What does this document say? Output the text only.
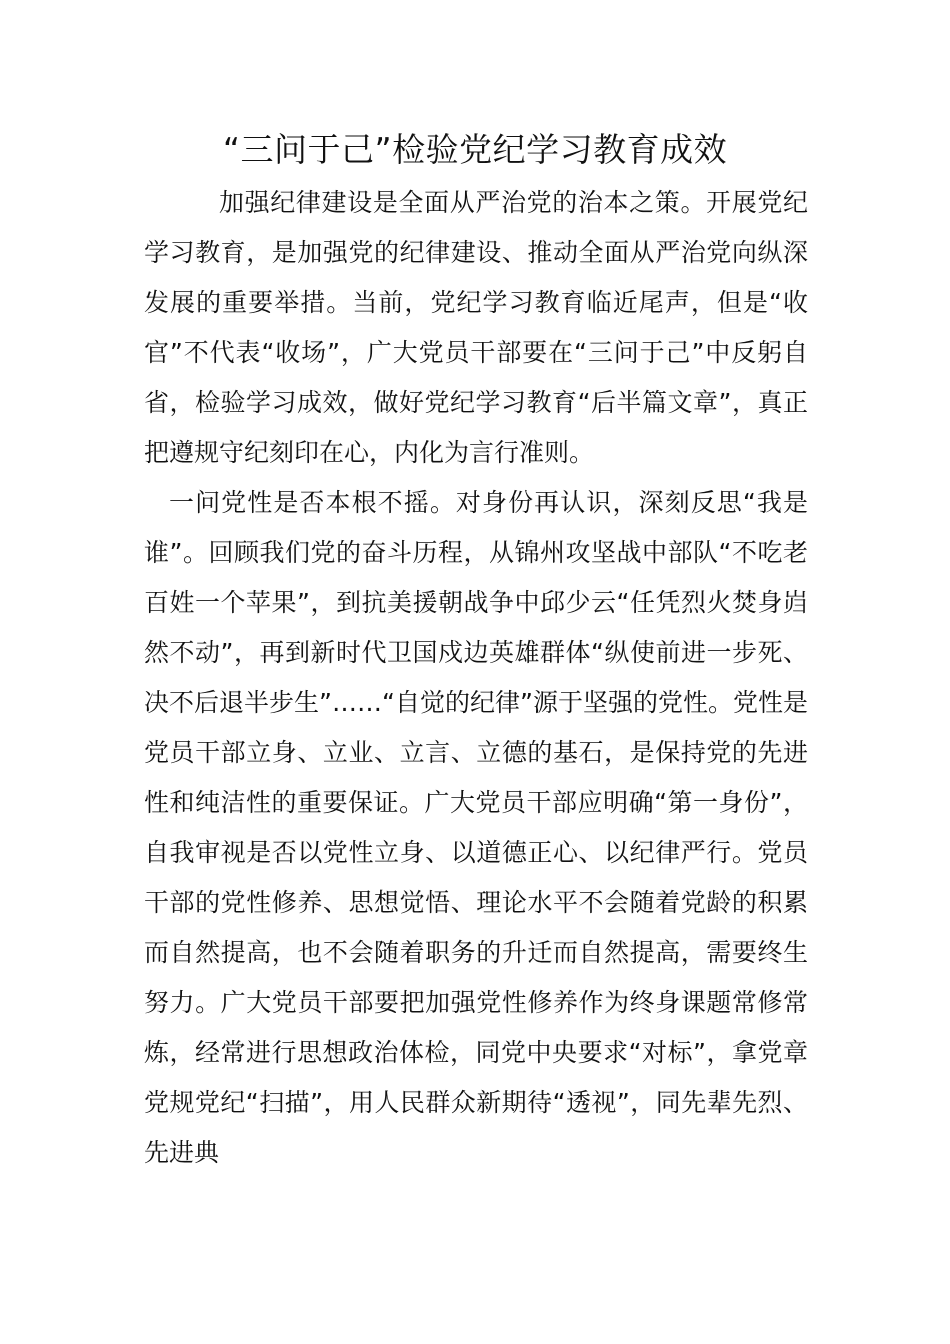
“三问于己”检验党纪学习教育成效

加强纪律建设是全面从严治党的治本之策。开展党纪学习教育，是加强党的纪律建设、推动全面从严治党向纵深发展的重要举措。当前，党纪学习教育临近尾声，但是“收官”不代表“收场”，广大党员干部要在“三问于己”中反躬自省，检验学习成效，做好党纪学习教育“后半篇文章”，真正把遵规守纪刻印在心，内化为言行准则。

一问党性是否本根不摇。对身份再认识，深刻反思“我是谁”。回顾我们党的奋斗历程，从锦州攻坚战中部队“不吃老百姓一个苹果”，到抗美援朝战争中邱少云“任凭烈火焚身岿然不动”，再到新时代卫国戍边英雄群体“纵使前进一步死、决不后退半步生”……“自觉的纪律”源于坚强的党性。党性是党员干部立身、立业、立言、立德的基石，是保持党的先进性和纯洁性的重要保证。广大党员干部应明确“第一身份”，自我审视是否以党性立身、以道德正心、以纪律严行。党员干部的党性修养、思想觉悟、理论水平不会随着党龄的积累而自然提高，也不会随着职务的升迁而自然提高，需要终生努力。广大党员干部要把加强党性修养作为终身课题常修常炼，经常进行思想政治体检，同党中央要求“对标”，拿党章党规党纪“扫描”，用人民群众新期待“透视”，同先辈先烈、先进典
